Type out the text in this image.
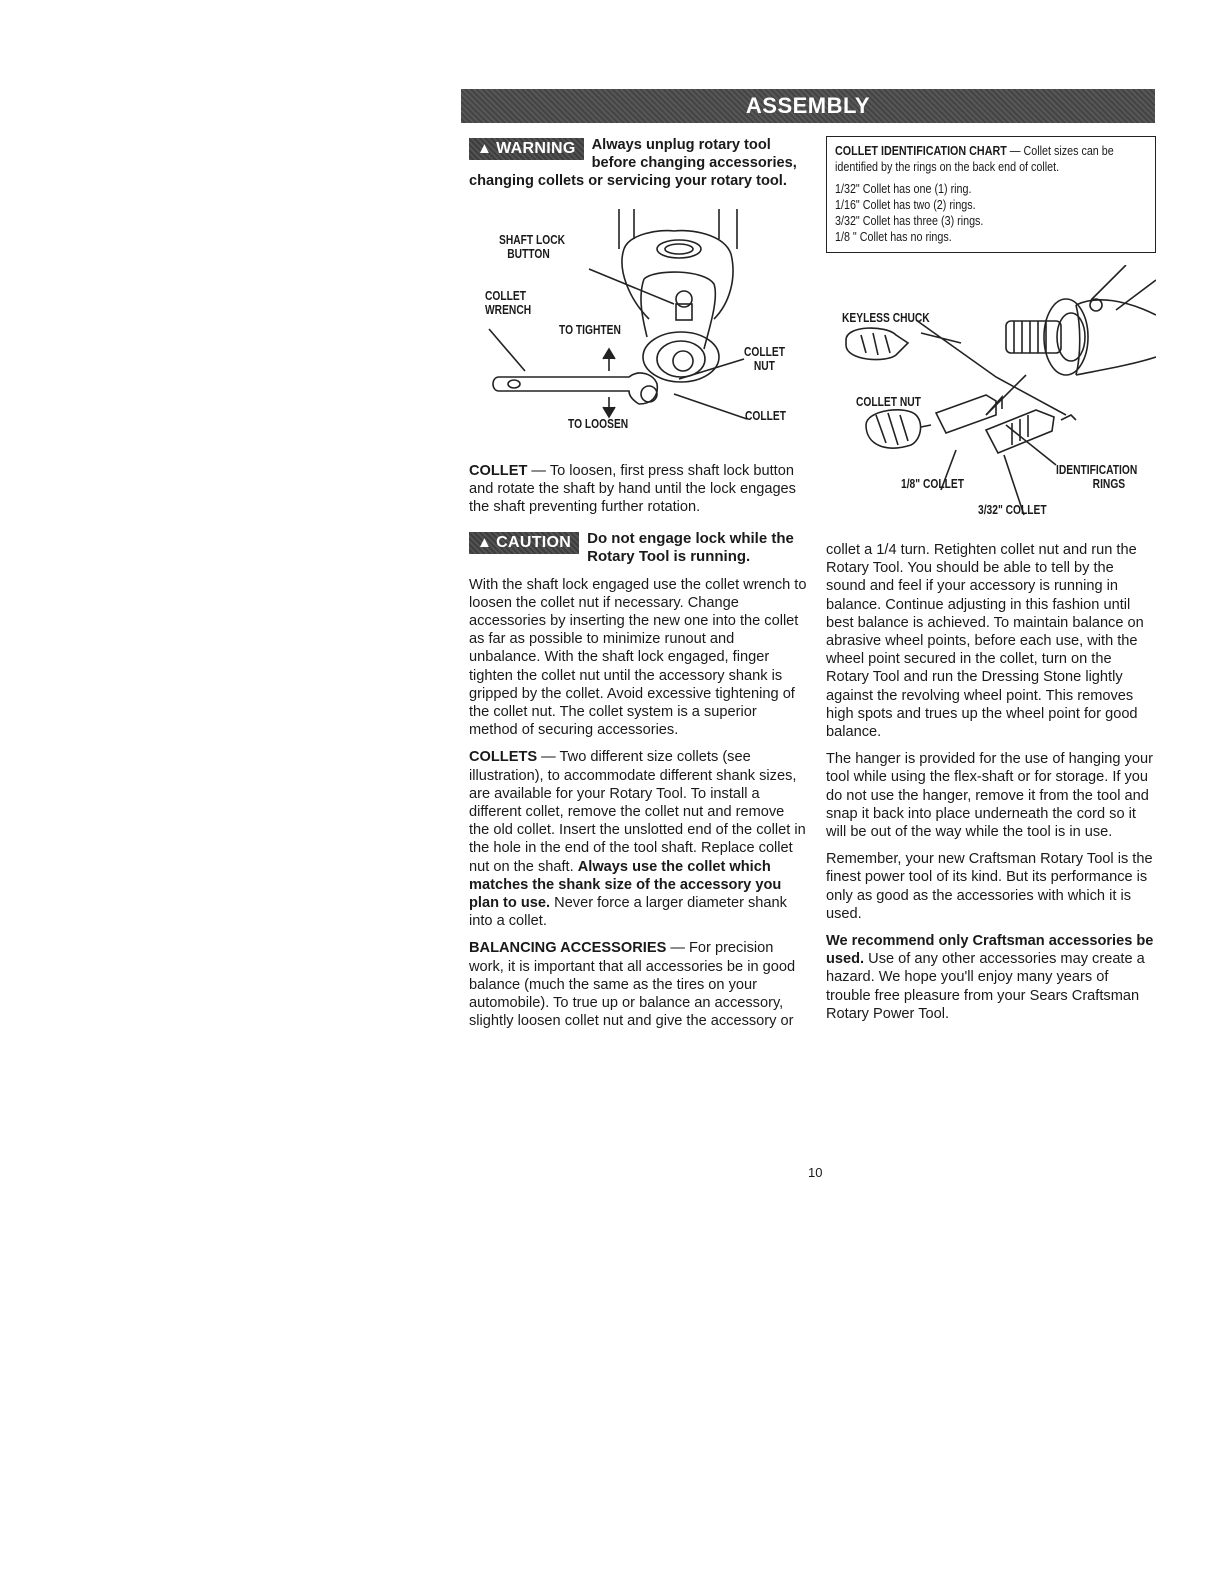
ASSEMBLY

▲ WARNING	Always unplug rotary tool before changing accessories, changing collets or servicing your rotary tool.

SHAFT LOCK
BUTTON
COLLET
WRENCH
TO TIGHTEN
COLLET
NUT
TO LOOSEN
COLLET

COLLET — To loosen, first press shaft lock button and rotate the shaft by hand until the lock engages the shaft preventing further rotation.

▲ CAUTION	Do not engage lock while the Rotary Tool is running.

With the shaft lock engaged use the collet wrench to loosen the collet nut if necessary. Change accessories by inserting the new one into the collet as far as possible to minimize runout and unbalance. With the shaft lock engaged, finger tighten the collet nut until the accessory shank is gripped by the collet. Avoid excessive tightening of the collet nut. The collet system is a superior method of securing accessories.

COLLETS — Two different size collets (see illustration), to accommodate different shank sizes, are available for your Rotary Tool. To install a different collet, remove the collet nut and remove the old collet. Insert the unslotted end of the collet in the hole in the end of the tool shaft. Replace collet nut on the shaft. Always use the collet which matches the shank size of the accessory you plan to use. Never force a larger diameter shank into a collet.

BALANCING ACCESSORIES — For precision work, it is important that all accessories be in good balance (much the same as the tires on your automobile). To true up or balance an accessory, slightly loosen collet nut and give the accessory or

COLLET IDENTIFICATION CHART — Collet sizes can be identified by the rings on the back end of collet.
1/32" Collet has one (1) ring.
1/16" Collet has two (2) rings.
3/32" Collet has three (3) rings.
1/8 " Collet has no rings.
KEYLESS CHUCK
COLLET NUT
1/8" COLLET
IDENTIFICATION
RINGS
3/32" COLLET

collet a 1/4 turn. Retighten collet nut and run the Rotary Tool. You should be able to tell by the sound and feel if your accessory is running in balance. Continue adjusting in this fashion until best balance is achieved. To maintain balance on abrasive wheel points, before each use, with the wheel point secured in the collet, turn on the Rotary Tool and run the Dressing Stone lightly against the revolving wheel point. This removes high spots and trues up the wheel point for good balance.

The hanger is provided for the use of hanging your tool while using the flex-shaft or for storage. If you do not use the hanger, remove it from the tool and snap it back into place underneath the cord so it will be out of the way while the tool is in use.

Remember, your new Craftsman Rotary Tool is the finest power tool of its kind. But its performance is only as good as the accessories with which it is used.

We recommend only Craftsman accessories be used. Use of any other accessories may create a hazard. We hope you'll enjoy many years of trouble free pleasure from your Sears Craftsman Rotary Power Tool.

10
